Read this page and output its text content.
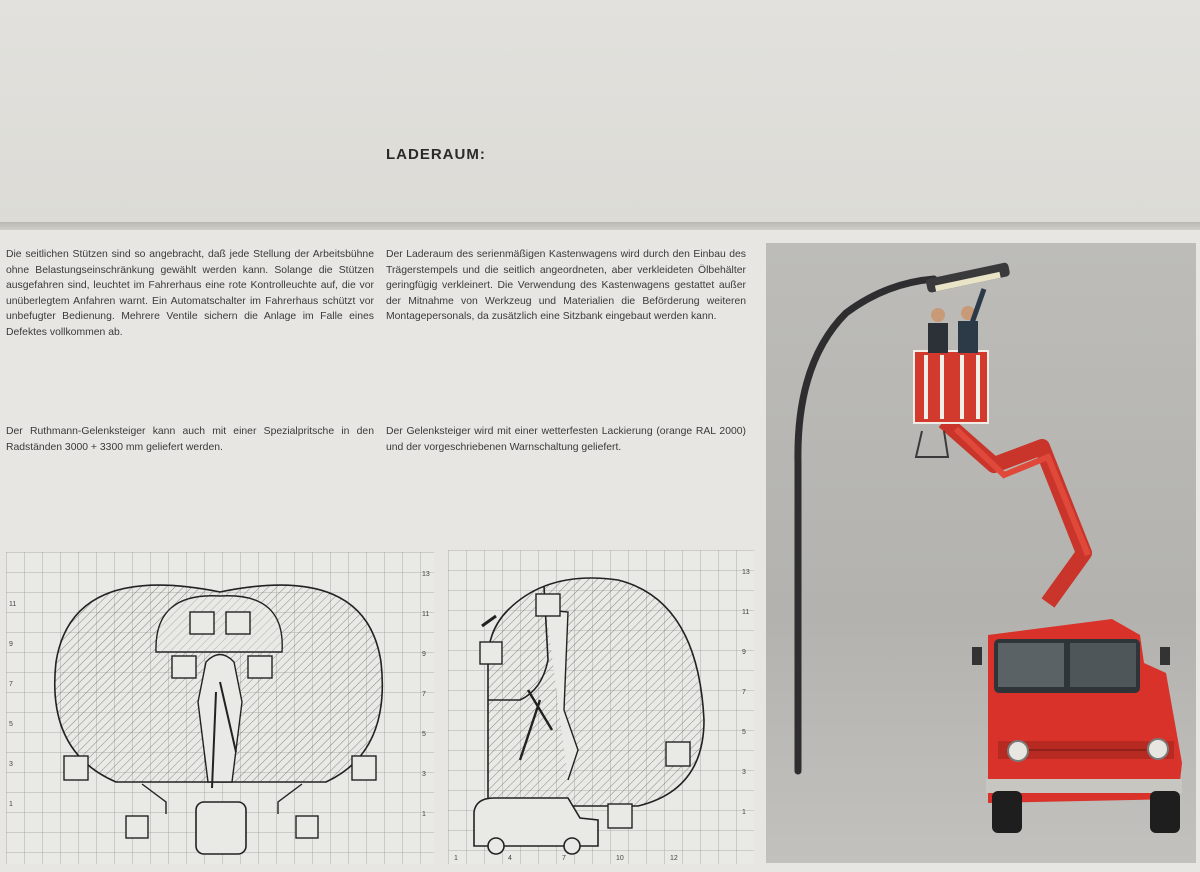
LADERAUM:
Die seitlichen Stützen sind so angebracht, daß jede Stellung der Arbeitsbühne ohne Belastungseinschränkung gewählt werden kann. Solange die Stützen ausgefahren sind, leuchtet im Fahrerhaus eine rote Kontrolleuchte auf, die vor unüberlegtem Anfahren warnt. Ein Automatschalter im Fahrerhaus schützt vor unbefugter Bedienung. Mehrere Ventile sichern die Anlage im Falle eines Defektes vollkommen ab.
Der Laderaum des serienmäßigen Kastenwagens wird durch den Einbau des Trägerstempels und die seitlich angeordneten, aber verkleideten Ölbehälter geringfügig verkleinert. Die Verwendung des Kastenwagens gestattet außer der Mitnahme von Werkzeug und Materialien die Beförderung weiteren Montagepersonals, da zusätzlich eine Sitzbank eingebaut werden kann.
Der Ruthmann-Gelenksteiger kann auch mit einer Spezialpritsche in den Radständen 3000 + 3300 mm geliefert werden.
Der Gelenksteiger wird mit einer wetterfesten Lackierung (orange RAL 2000) und der vorgeschriebenen Warnschaltung geliefert.
13
11
9
7
5
3
1
11
9
7
5
3
1
13
11
9
7
5
3
1
1	4	7	10	12
